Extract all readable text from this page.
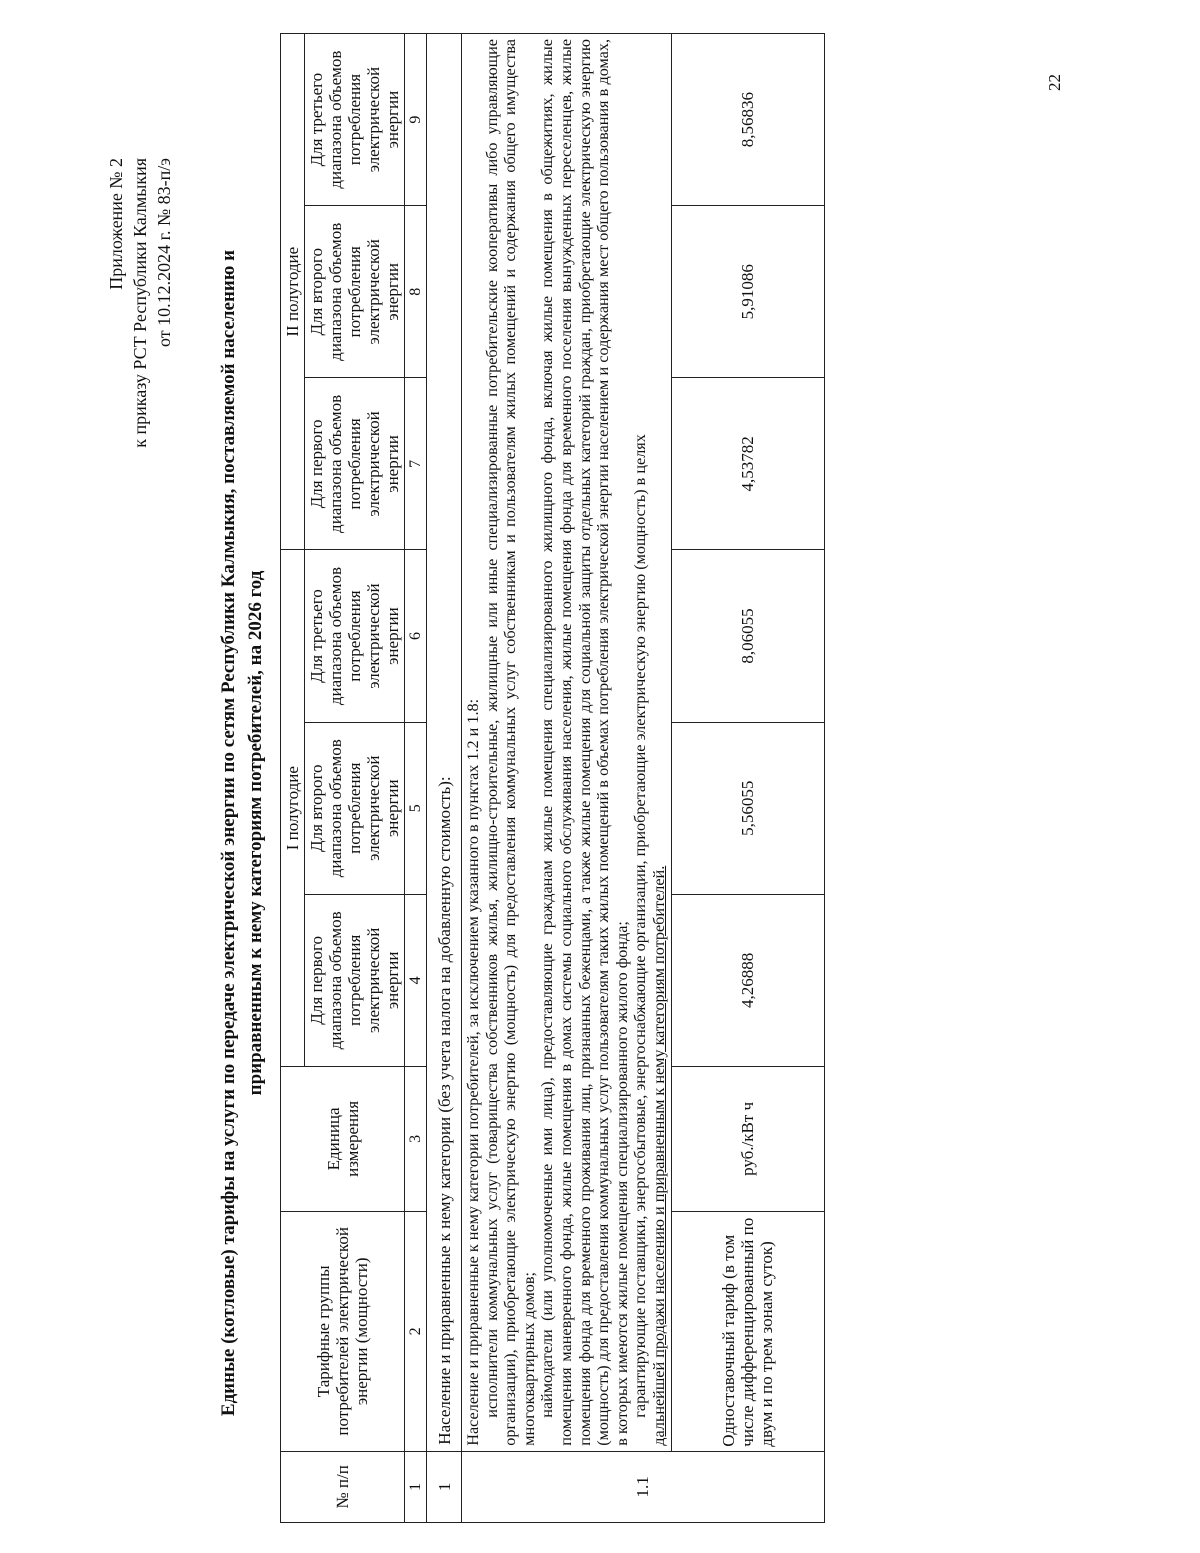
Приложение № 2 к приказу РСТ Республики Калмыкия от 10.12.2024 г. № 83-п/э Единые (котловые) тарифы на услуги по передаче электрической энергии по сетям Республики Калмыкия, поставляемой населению и приравненным к нему категориям потребителей, на 2026 год
№ п/п	Тарифные группы потребителей электрической энергии (мощности)	Единица измерения	I полугодие			II полугодие		
			Для первого диапазона объемов потребления электрической энергии	Для второго диапазона объемов потребления электрической энергии	Для третьего диапазона объемов потребления электрической энергии	Для первого диапазона объемов потребления электрической энергии	Для второго диапазона объемов потребления электрической энергии	Для третьего диапазона объемов потребления электрической энергии
1	2	3	4	5	6	7	8	9
1	Население и приравненные к нему категории (без учета налога на добавленную стоимость):							
1.1	Население и приравненные к нему категории потребителей, за исключением указанного в пунктах 1.2 и 1.8: исполнители коммунальных услуг (товарищества собственников жилья, жилищно-строительные, жилищные или иные специализированные потребительские кооперативы либо управляющие организации), приобретающие электрическую энергию (мощность) для предоставления коммунальных услуг собственникам и пользователям жилых помещений и содержания общего имущества многоквартирных домов; наймодатели (или уполномоченные ими лица), предоставляющие гражданам жилые помещения специализированного жилищного фонда, включая жилые помещения в общежитиях, жилые помещения маневренного фонда, жилые помещения в домах системы социального обслуживания населения, жилые помещения фонда для временного поселения вынужденных переселенцев, жилые помещения фонда для временного проживания лиц, признанных беженцами, а также жилые помещения для социальной защиты отдельных категорий граждан, приобретающие электрическую энергию (мощность) для предоставления коммунальных услуг пользователям таких жилых помещений в объемах потребления электрической энергии населением и содержания мест общего пользования в домах, в которых имеются жилые помещения специализированного жилого фонда; гарантирующие поставщики, энергосбытовые, энергоснабжающие организации, приобретающие электрическую энергию (мощность) в целях
дальнейшей продажи населению и приравненным к нему категориям потребителей.							

	Одноставочный тариф (в том числе дифференцированный по двум и по трем зонам суток)	руб./кВт ч	4,26888	5,56055	8,06055	4,53782	5,91086	8,56836
22
